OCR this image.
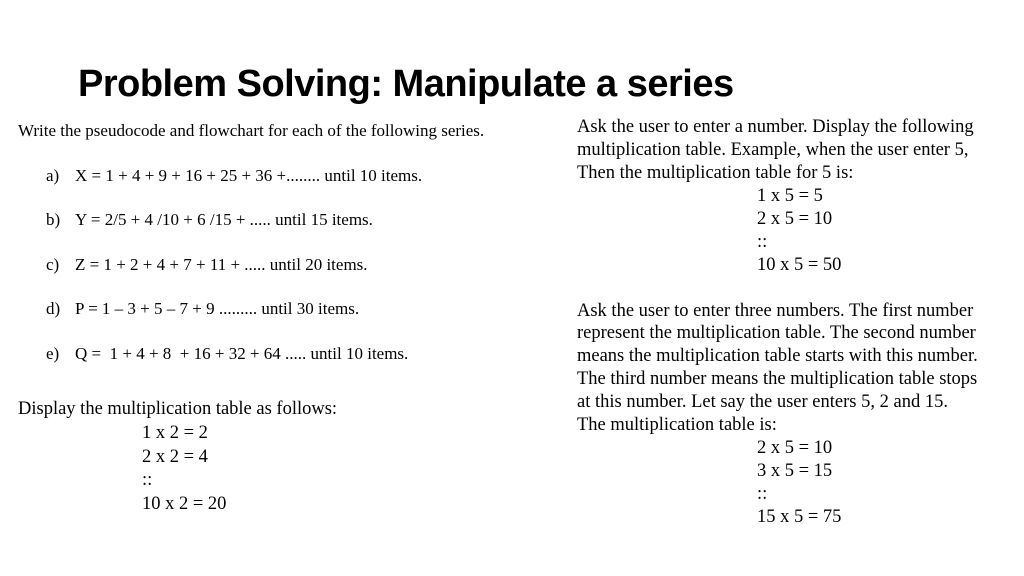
Problem Solving: Manipulate a series
Write the pseudocode and flowchart for each of the following series.
a) X = 1 + 4 + 9 + 16 + 25 + 36 +........ until 10 items.
b) Y = 2/5 + 4 /10 + 6 /15 + ..... until 15 items.
c) Z = 1 + 2 + 4 + 7 + 11 + ..... until 20 items.
d) P = 1 – 3 + 5 – 7 + 9 ......... until 30 items.
e) Q =  1 + 4 + 8  + 16 + 32 + 64 ..... until 10 items.
Display the multiplication table as follows:
1 x 2 = 2
2 x 2 = 4
::
10 x 2 = 20
Ask the user to enter a number. Display the following
multiplication table. Example, when the user enter 5,
Then the multiplication table for 5 is:
1 x 5 = 5
2 x 5 = 10
::
10 x 5 = 50
Ask the user to enter three numbers. The first number
represent the multiplication table. The second number
means the multiplication table starts with this number.
The third number means the multiplication table stops
at this number. Let say the user enters 5, 2 and 15.
The multiplication table is:
2 x 5 = 10
3 x 5 = 15
::
15 x 5 = 75
